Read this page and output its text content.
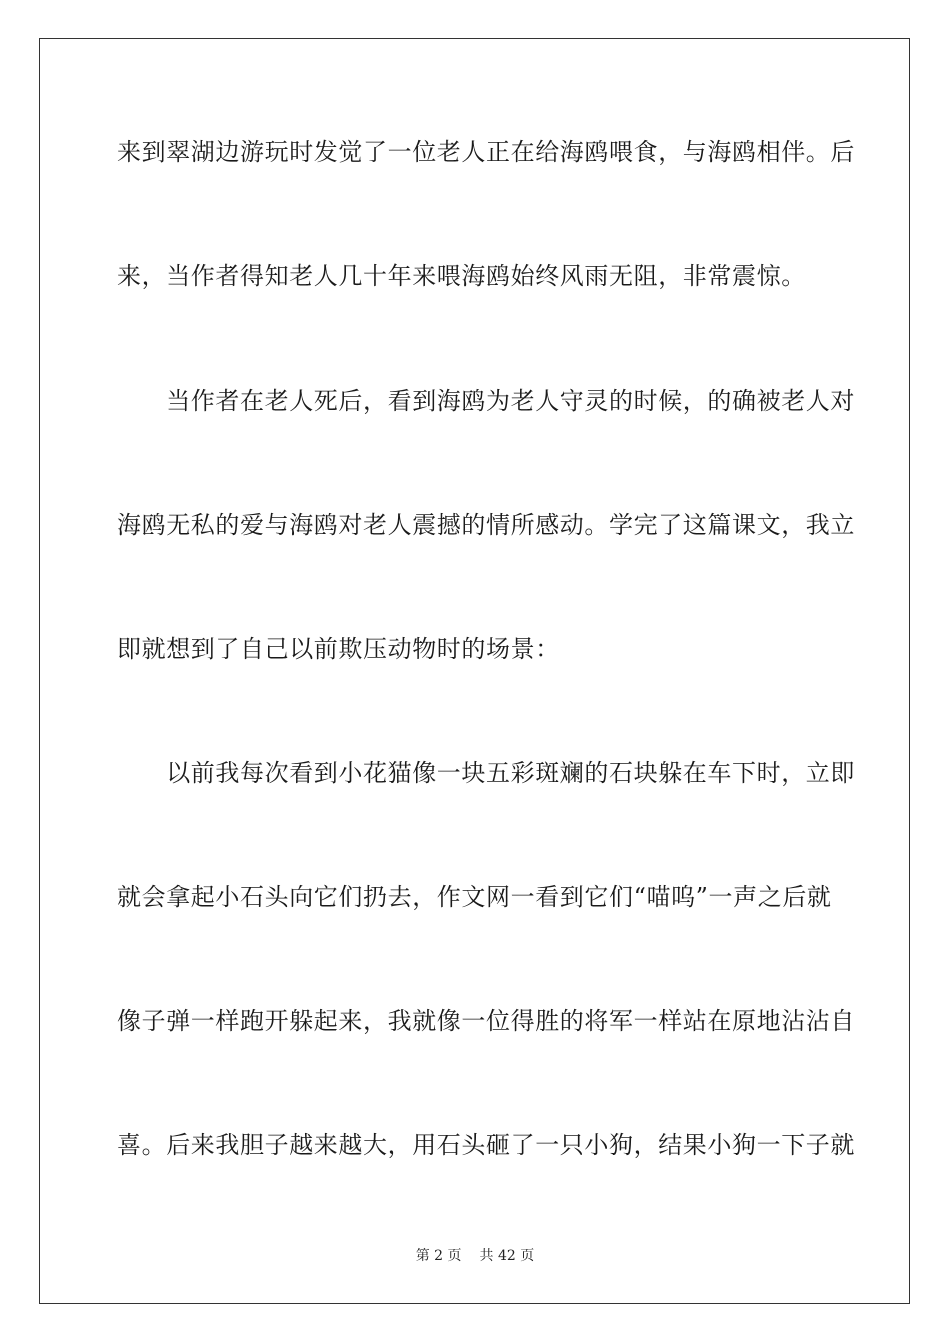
来到翠湖边游玩时发觉了一位老人正在给海鸥喂食，与海鸥相伴。后
来，当作者得知老人几十年来喂海鸥始终风雨无阻，非常震惊。
　　当作者在老人死后，看到海鸥为老人守灵的时候，的确被老人对
海鸥无私的爱与海鸥对老人震撼的情所感动。学完了这篇课文，我立
即就想到了自己以前欺压动物时的场景：
　　以前我每次看到小花猫像一块五彩斑斓的石块躲在车下时，立即
就会拿起小石头向它们扔去，作文网一看到它们“喵呜”一声之后就
像子弹一样跑开躲起来，我就像一位得胜的将军一样站在原地沾沾自
喜。后来我胆子越来越大，用石头砸了一只小狗，结果小狗一下子就
第 2 页 共 42 页
